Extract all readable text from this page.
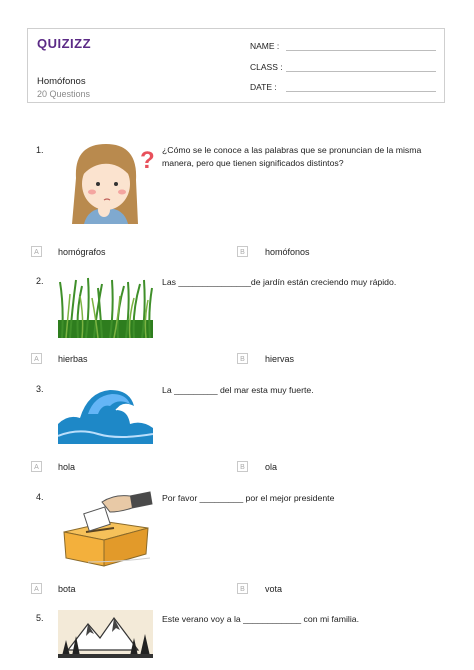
QUIZIZZ
Homófonos
20 Questions
NAME :
CLASS :
DATE :
1.	? ¿Cómo se le conoce a las palabras que se pronuncian de la misma manera, pero que tienen significados distintos?
A	homógrafos	B	homófonos
2.	Las _______________de jardín están creciendo muy rápido.
A	hierbas	B	hiervas
3.	La _________ del mar esta muy fuerte.
A	hola	B	ola
4.	Por favor _________ por el mejor presidente
A	bota	B	vota
5.	Este verano voy a la ____________ con mi familia.
